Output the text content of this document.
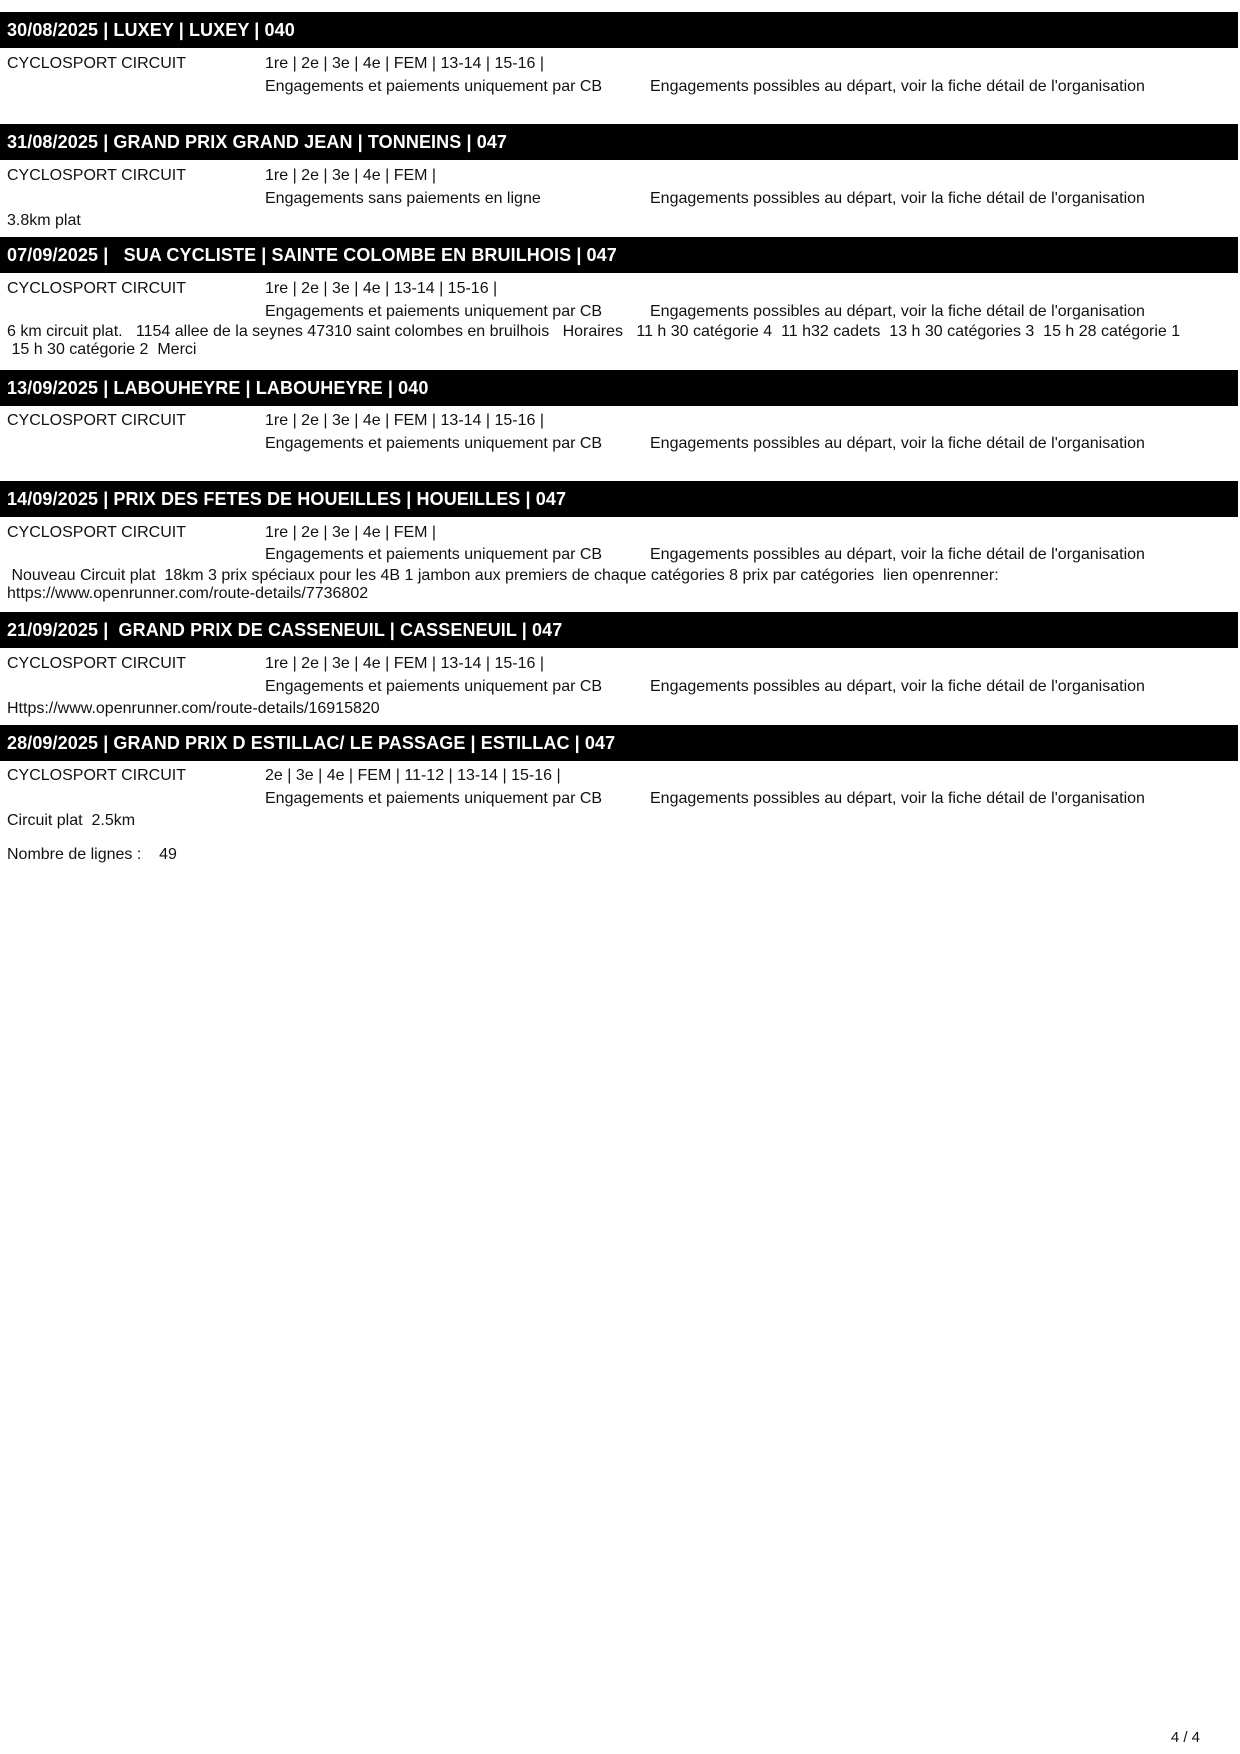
30/08/2025 | LUXEY | LUXEY | 040
CYCLOSPORT CIRCUIT	1re | 2e | 3e | 4e | FEM | 13-14 | 15-16 |
Engagements et paiements uniquement par CB	Engagements possibles au départ, voir la fiche détail de l'organisation
31/08/2025 | GRAND PRIX GRAND JEAN | TONNEINS | 047
CYCLOSPORT CIRCUIT	1re | 2e | 3e | 4e | FEM |
Engagements sans paiements en ligne	Engagements possibles au départ, voir la fiche détail de l'organisation
3.8km plat
07/09/2025 |   SUA CYCLISTE | SAINTE COLOMBE EN BRUILHOIS | 047
CYCLOSPORT CIRCUIT	1re | 2e | 3e | 4e | 13-14 | 15-16 |
Engagements et paiements uniquement par CB	Engagements possibles au départ, voir la fiche détail de l'organisation
6 km circuit plat.   1154 allee de la seynes 47310 saint colombes en bruilhois   Horaires   11 h 30 catégorie 4  11 h32 cadets  13 h 30 catégories 3  15 h 28 catégorie 1
15 h 30 catégorie 2  Merci
13/09/2025 | LABOUHEYRE | LABOUHEYRE | 040
CYCLOSPORT CIRCUIT	1re | 2e | 3e | 4e | FEM | 13-14 | 15-16 |
Engagements et paiements uniquement par CB	Engagements possibles au départ, voir la fiche détail de l'organisation
14/09/2025 | PRIX DES FETES DE HOUEILLES | HOUEILLES | 047
CYCLOSPORT CIRCUIT	1re | 2e | 3e | 4e | FEM |
Engagements et paiements uniquement par CB	Engagements possibles au départ, voir la fiche détail de l'organisation
Nouveau Circuit plat  18km 3 prix spéciaux pour les 4B 1 jambon aux premiers de chaque catégories 8 prix par catégories  lien openrenner:
https://www.openrunner.com/route-details/7736802
21/09/2025 |  GRAND PRIX DE CASSENEUIL | CASSENEUIL | 047
CYCLOSPORT CIRCUIT	1re | 2e | 3e | 4e | FEM | 13-14 | 15-16 |
Engagements et paiements uniquement par CB	Engagements possibles au départ, voir la fiche détail de l'organisation
Https://www.openrunner.com/route-details/16915820
28/09/2025 | GRAND PRIX D ESTILLAC/ LE PASSAGE | ESTILLAC | 047
CYCLOSPORT CIRCUIT	2e | 3e | 4e | FEM | 11-12 | 13-14 | 15-16 |
Engagements et paiements uniquement par CB	Engagements possibles au départ, voir la fiche détail de l'organisation
Circuit plat  2.5km
Nombre de lignes :    49
4 / 4
